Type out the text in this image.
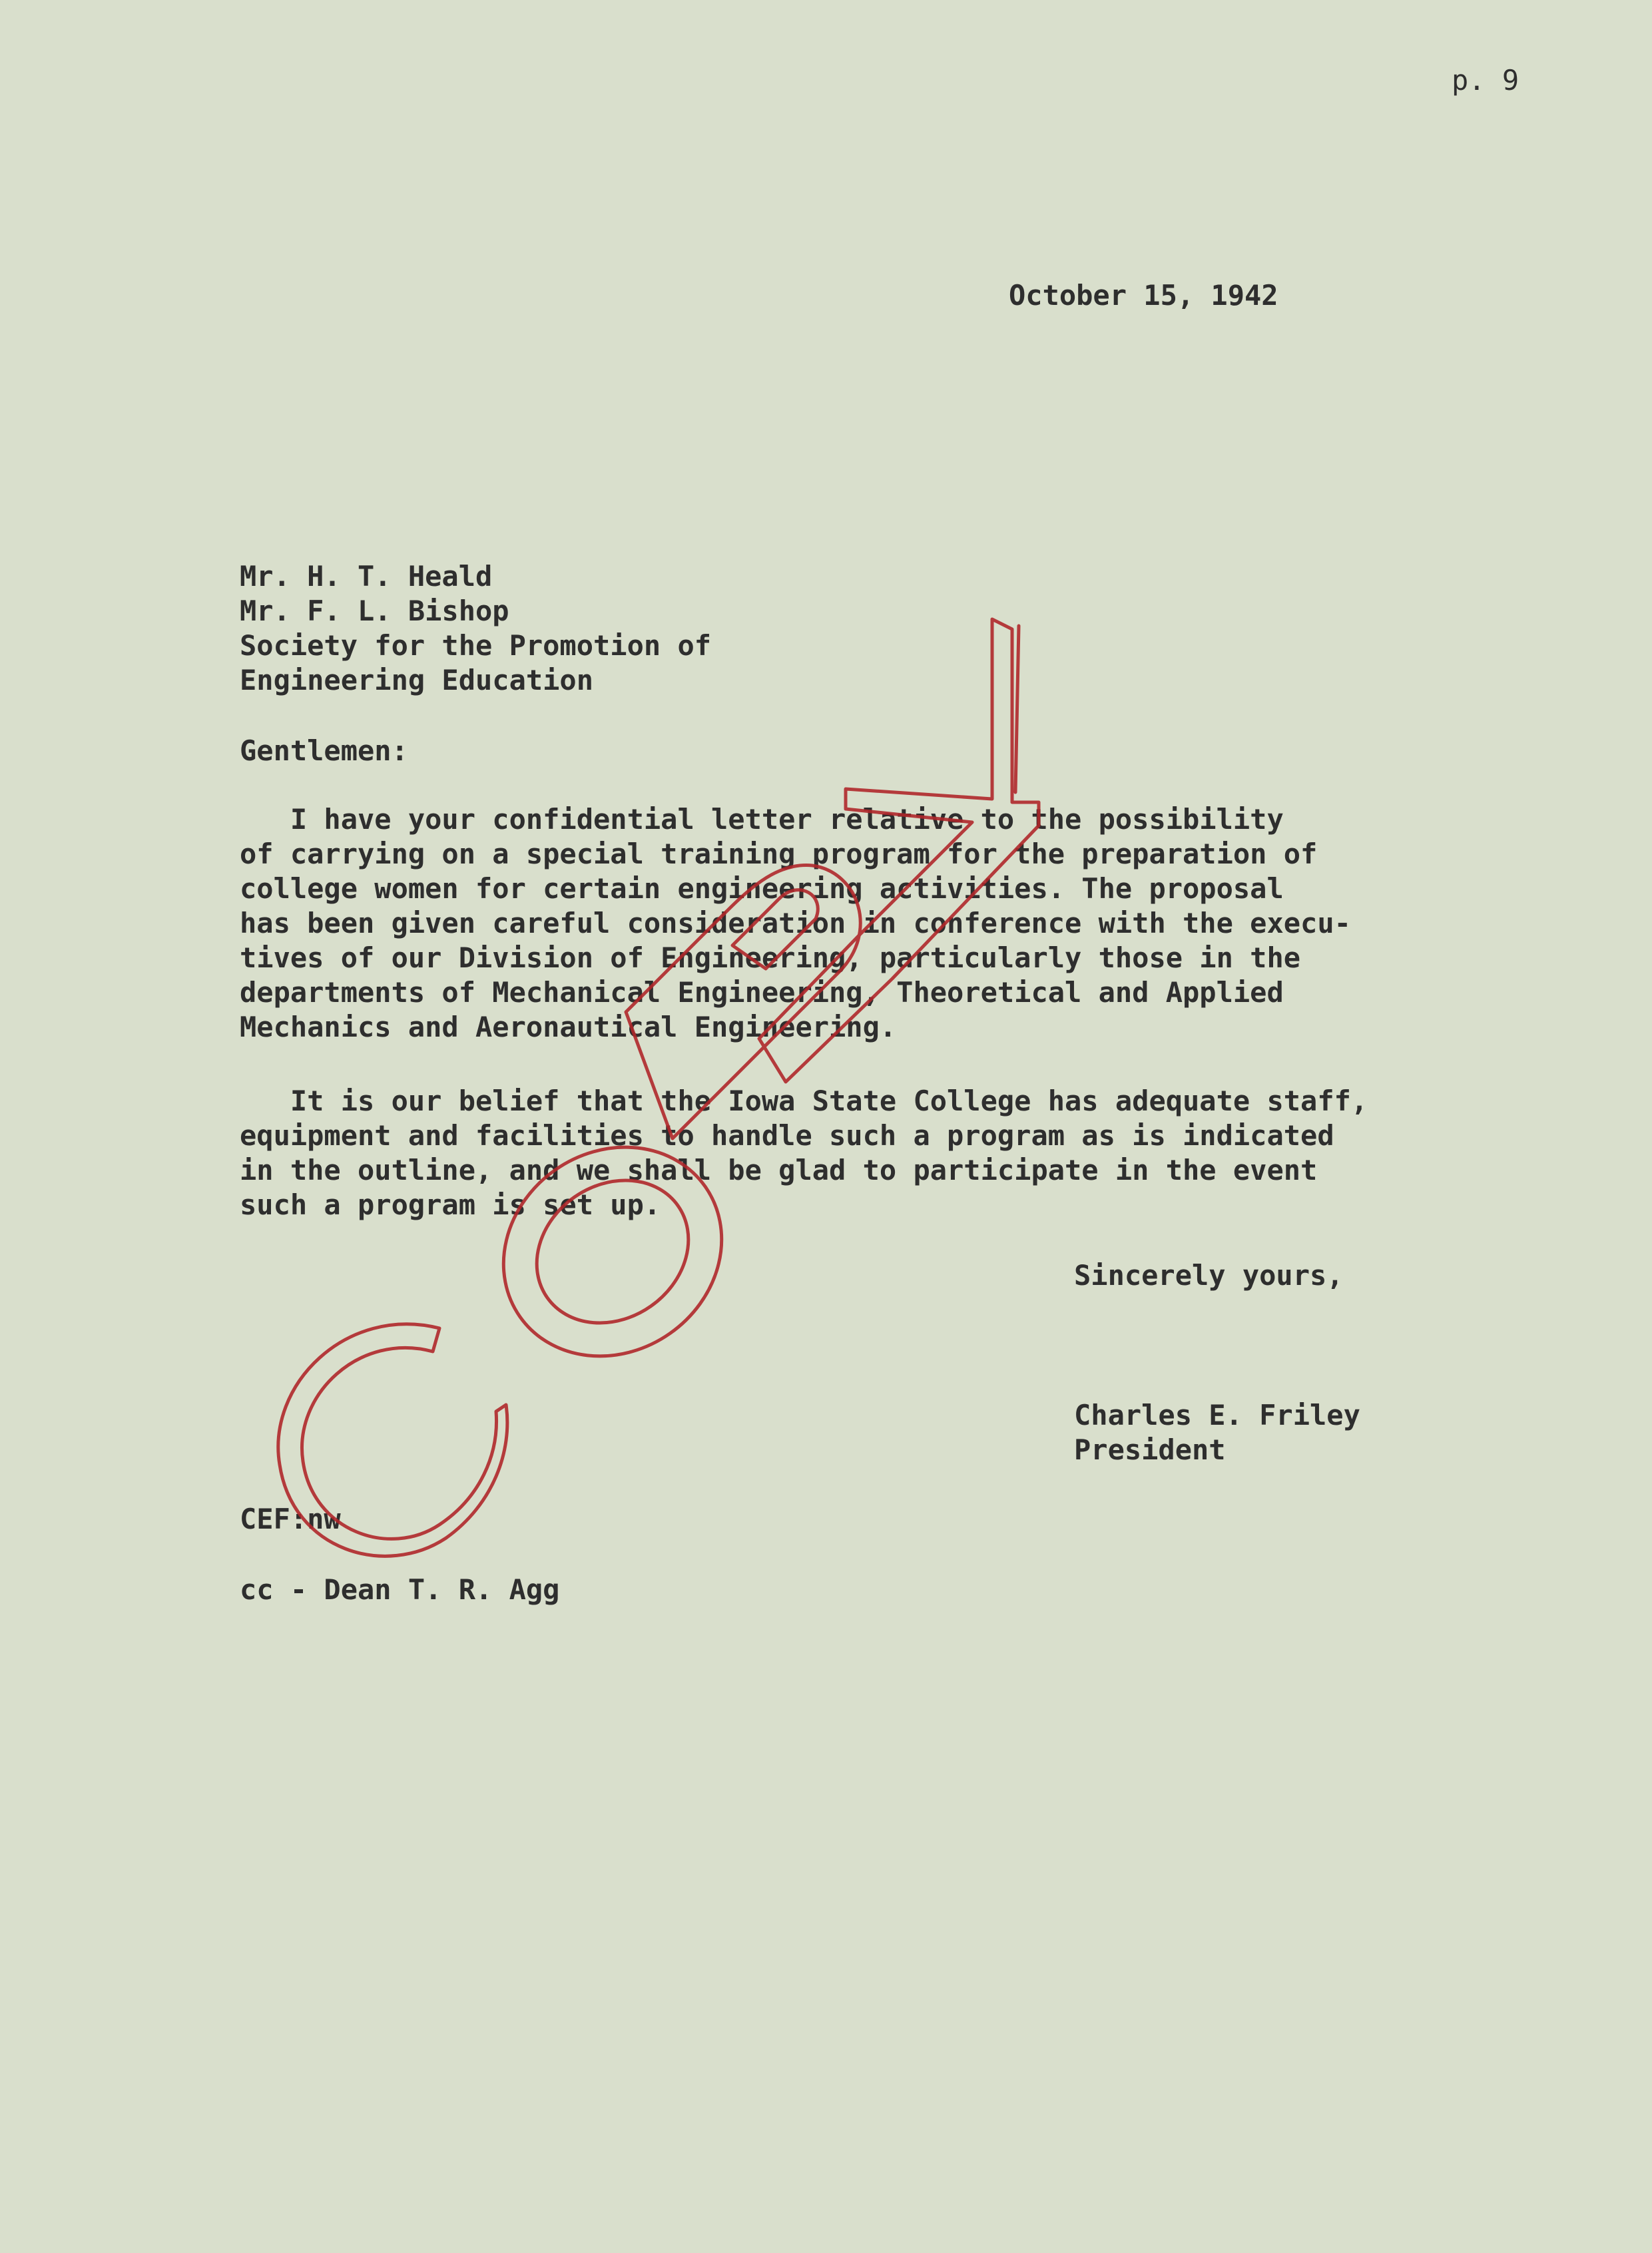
p. 9
October 15, 1942
Mr. H. T. Heald
Mr. F. L. Bishop
Society for the Promotion of
Engineering Education
Gentlemen:
I have your confidential letter relative to the possibility
of carrying on a special training program for the preparation of
college women for certain engineering activities. The proposal
has been given careful consideration in conference with the execu-
tives of our Division of Engineering, particularly those in the
departments of Mechanical Engineering, Theoretical and Applied
Mechanics and Aeronautical Engineering.
It is our belief that the Iowa State College has adequate staff,
equipment and facilities to handle such a program as is indicated
in the outline, and we shall be glad to participate in the event
such a program is set up.
Sincerely yours,
Charles E. Friley
President
CEF:nw
cc - Dean T. R. Agg
